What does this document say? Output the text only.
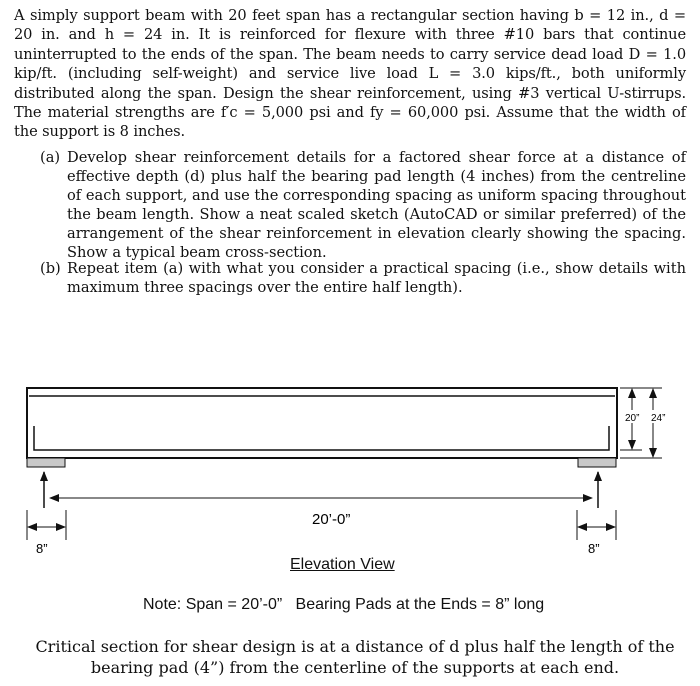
A simply support beam with 20 feet span has a rectangular section having b = 12 in., d = 20 in. and h = 24 in. It is reinforced for flexure with three #10 bars that continue uninterrupted to the ends of the span. The beam needs to carry service dead load D = 1.0 kip/ft. (including self-weight) and service live load L = 3.0 kips/ft., both uniformly distributed along the span. Design the shear reinforcement, using #3 vertical U-stirrups. The material strengths are f′c = 5,000 psi and fy = 60,000 psi. Assume that the width of the support is 8 inches.
(a) Develop shear reinforcement details for a factored shear force at a distance of effective depth (d) plus half the bearing pad length (4 inches) from the centreline of each support, and use the corresponding spacing as uniform spacing throughout the beam length. Show a neat scaled sketch (AutoCAD or similar preferred) of the arrangement of the shear reinforcement in elevation clearly showing the spacing. Show a typical beam cross-section.
(b) Repeat item (a) with what you consider a practical spacing (i.e., show details with maximum three spacings over the entire half length).
20’-0”
8”	8”
20” 24”
Elevation View
Note: Span = 20’-0”   Bearing Pads at the Ends = 8” long
Critical section for shear design is at a distance of d plus half the length of the bearing pad (4”) from the centerline of the supports at each end.
